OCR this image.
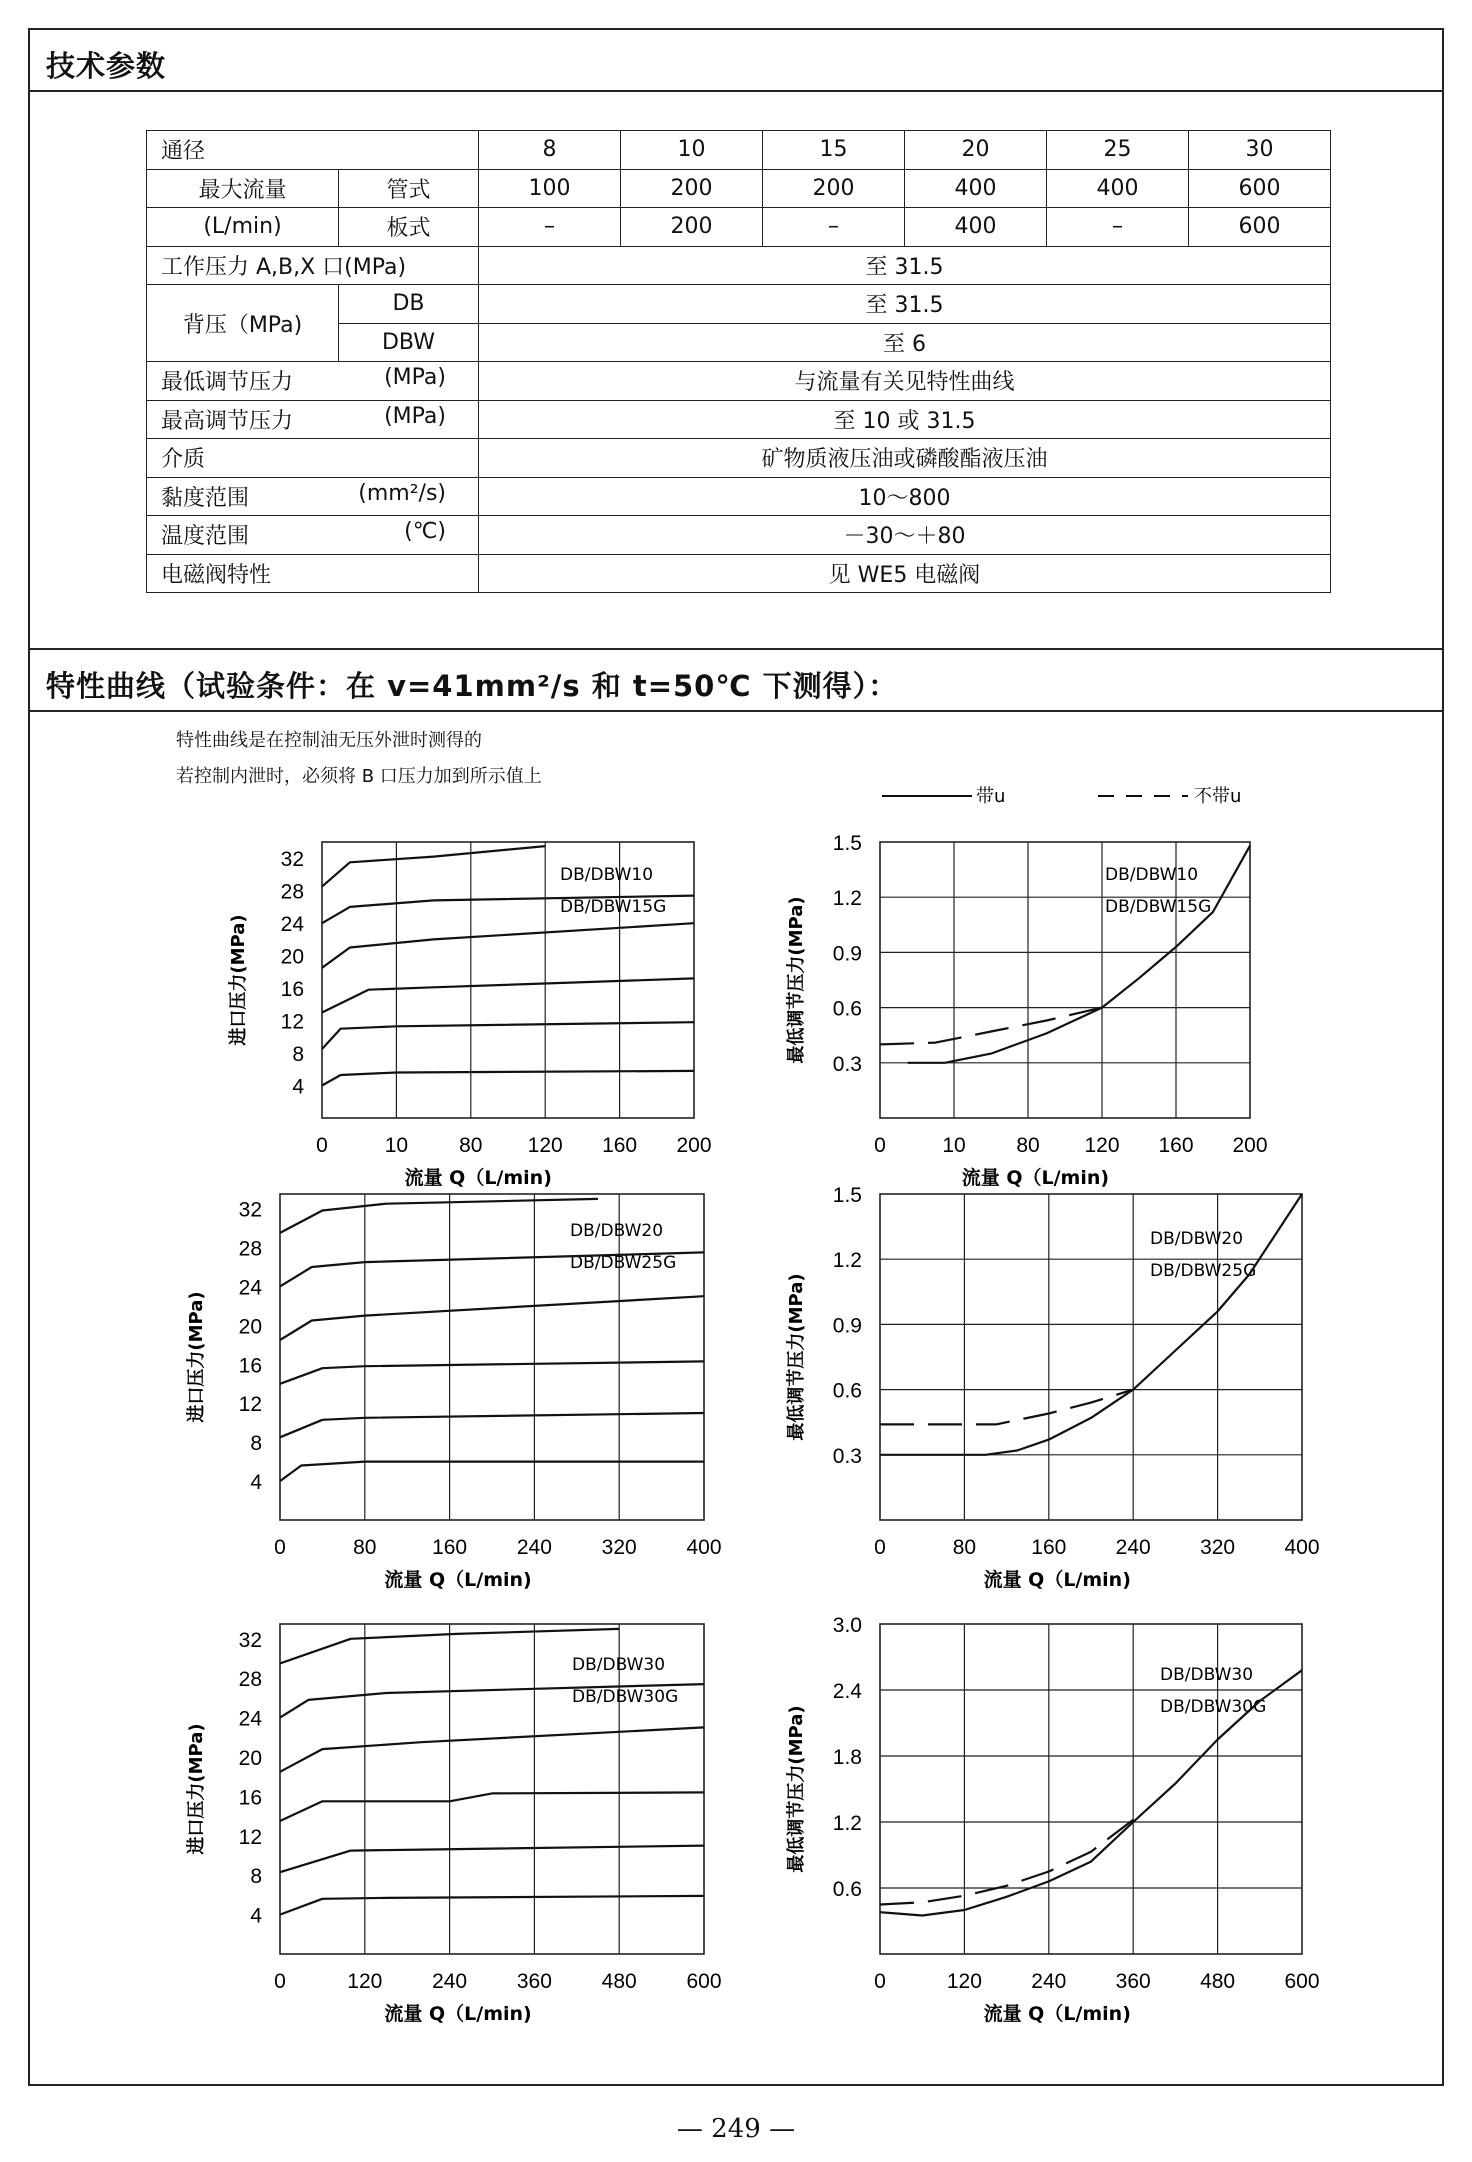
技术参数
特性曲线（试验条件：在 v=41mm²/s 和 t=50℃ 下测得）：
通径		8	10	15	20	25	30
最大流量	管式	100	200	200	400	400	600
(L/min)	板式	–	200	–	400	–	600
工作压力 A,B,X 口(MPa)		至 31.5					
背压（MPa)	DB	至 31.5					
	DBW	至 6					
最低调节压力 (MPa)		与流量有关见特性曲线					
最高调节压力 (MPa)		至 10 或 31.5					
介质		矿物质液压油或磷酸酯液压油					
黏度范围 (mm²/s)		10～800					
温度范围 (℃)		－30～＋80					
电磁阀特性		见 WE5 电磁阀					
特性曲线是在控制油无压外泄时测得的
若控制内泄时，必须将 B 口压力加到所示值上
带u	不带u
0	10 80 120 160 200
4
8
12
16
20
24
28
32
流量 Q（L/min)
进口压力(MPa)
DB/DBW10
DB/DBW15G
0	10 80 120 160 200
0.3
0.6
0.9
1.2
1.5
流量 Q（L/min)
最低调节压力(MPa)
DB/DBW10
DB/DBW15G
0	80	160 240 320 400
4
8
12
16
20
24
28
32
流量 Q（L/min)
进口压力(MPa)
DB/DBW20
DB/DBW25G
0	80	160 240 320 400
0.3
0.6
0.9
1.2
1.5
流量 Q（L/min)
最低调节压力(MPa)
DB/DBW20
DB/DBW25G
0	120 240 360 480 600
4
8
12
16
20
24
28
32
流量 Q（L/min)
进口压力(MPa)
DB/DBW30
DB/DBW30G
0	120 240 360 480 600
0.6
1.2
1.8
2.4
3.0
流量 Q（L/min)
最低调节压力(MPa)
DB/DBW30
DB/DBW30G
— 249 —
